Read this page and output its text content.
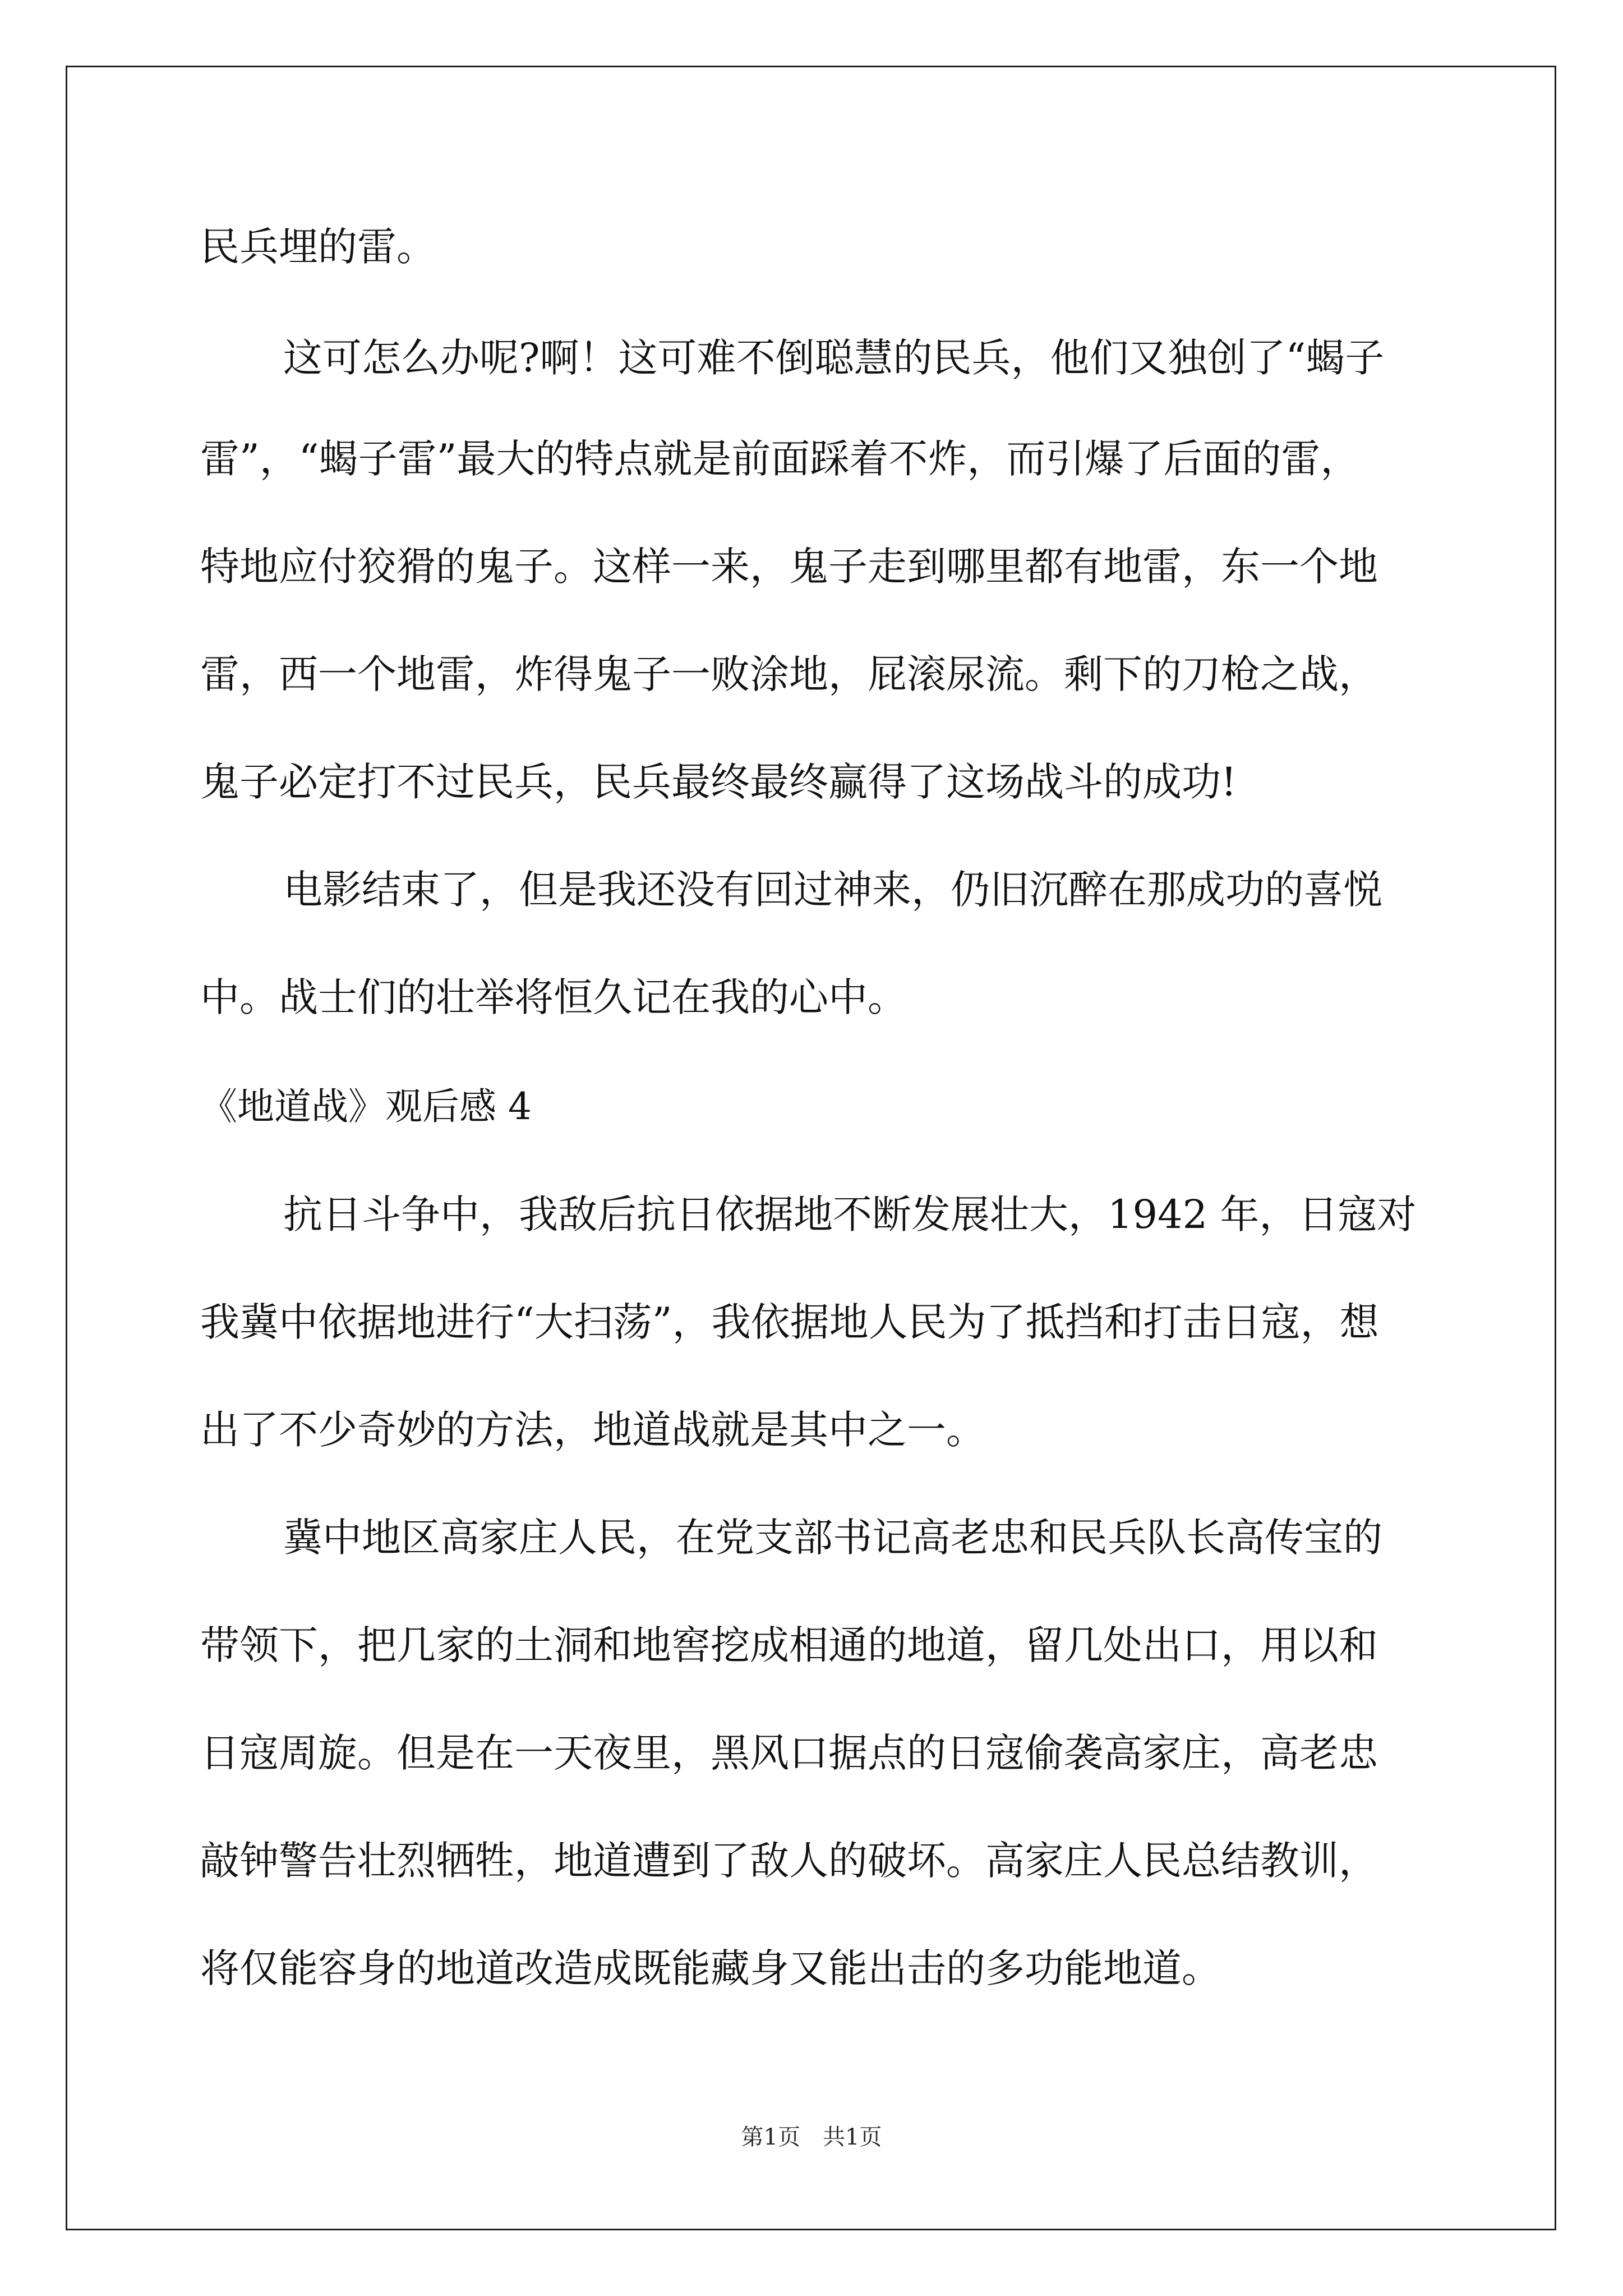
民兵埋的雷。
这可怎么办呢?啊！这可难不倒聪慧的民兵，他们又独创了“蝎子
雷”，“蝎子雷”最大的特点就是前面踩着不炸，而引爆了后面的雷，
特地应付狡猾的鬼子。这样一来，鬼子走到哪里都有地雷，东一个地
雷，西一个地雷，炸得鬼子一败涂地，屁滚尿流。剩下的刀枪之战，
鬼子必定打不过民兵，民兵最终最终赢得了这场战斗的成功!
电影结束了，但是我还没有回过神来，仍旧沉醉在那成功的喜悦
中。战士们的壮举将恒久记在我的心中。
《地道战》观后感 4
抗日斗争中，我敌后抗日依据地不断发展壮大，1942 年，日寇对
我冀中依据地进行“大扫荡”，我依据地人民为了抵挡和打击日寇，想
出了不少奇妙的方法，地道战就是其中之一。
冀中地区高家庄人民，在党支部书记高老忠和民兵队长高传宝的
带领下，把几家的土洞和地窖挖成相通的地道，留几处出口，用以和
日寇周旋。但是在一天夜里，黑风口据点的日寇偷袭高家庄，高老忠
敲钟警告壮烈牺牲，地道遭到了敌人的破坏。高家庄人民总结教训，
将仅能容身的地道改造成既能藏身又能出击的多功能地道。
第1页　共1页
